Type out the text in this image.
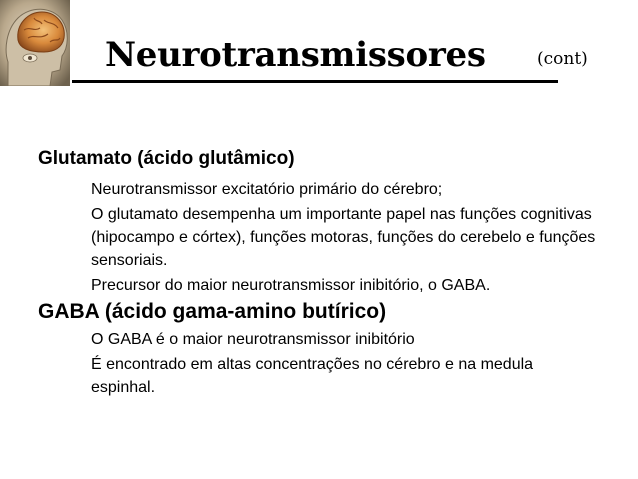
Neurotransmissores	(cont)

Glutamato (ácido glutâmico)

Neurotransmissor excitatório primário do cérebro;
O glutamato desempenha um importante papel nas funções cognitivas (hipocampo e córtex), funções motoras, funções do cerebelo e funções sensoriais.
Precursor do maior neurotransmissor inibitório, o GABA.

GABA (ácido gama-amino butírico)

O GABA é o maior neurotransmissor inibitório
É encontrado em altas concentrações no cérebro e na medula espinhal.
